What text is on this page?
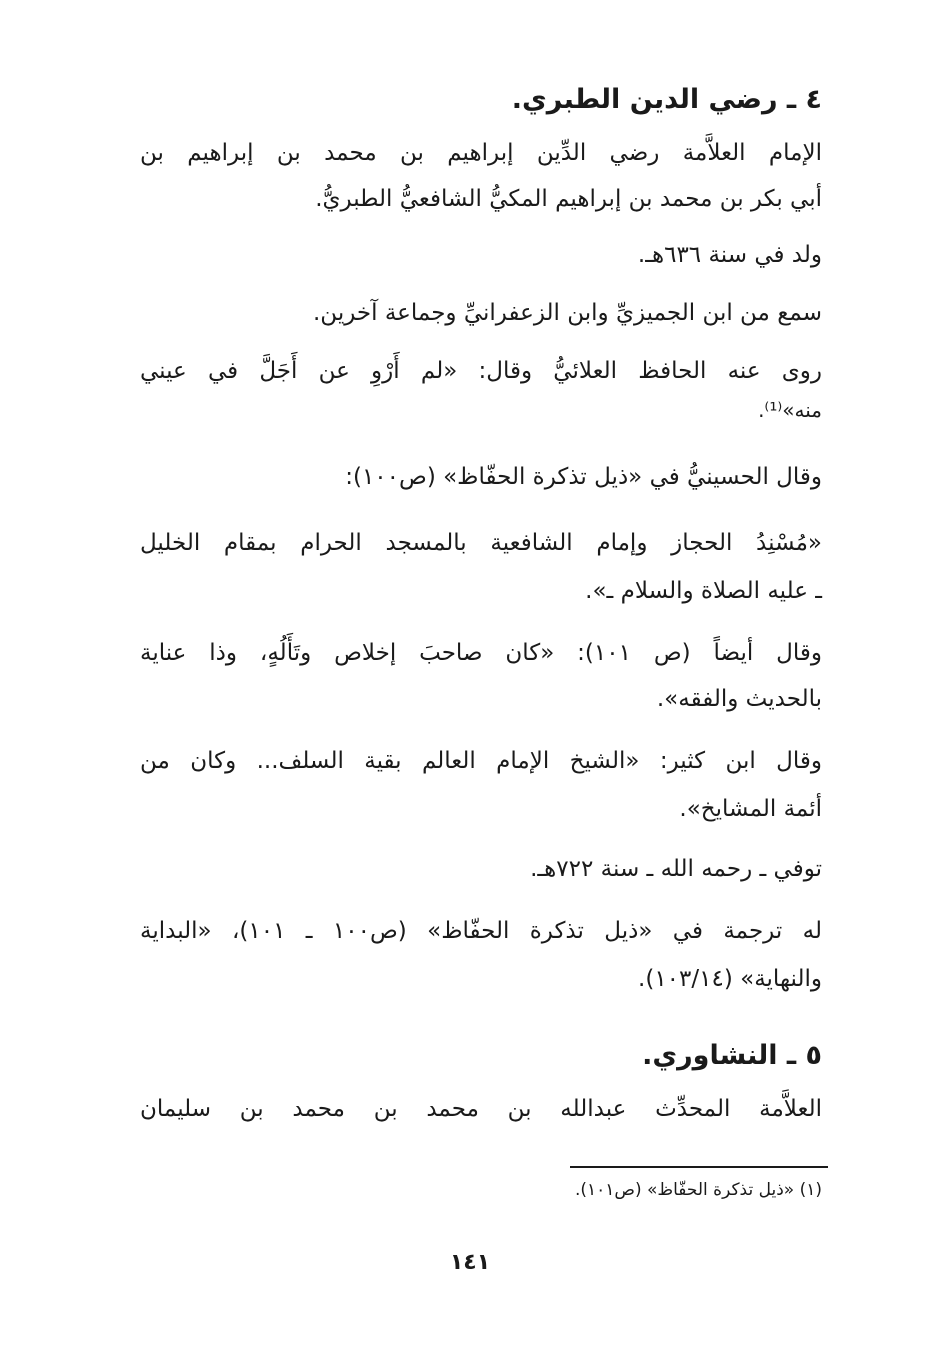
٤ ـ رضي الدين الطبري.
الإمام العلاَّمة رضي الدِّين إبراهيم بن محمد بن إبراهيم بن
أبي بكر بن محمد بن إبراهيم المكيُّ الشافعيُّ الطبريُّ.
ولد في سنة ٦٣٦هـ.
سمع من ابن الجميزيِّ وابن الزعفرانيِّ وجماعة آخرين.
روى عنه الحافظ العلائيُّ وقال: «لم أَرْوِ عن أَجَلَّ في عيني
منه»⁽¹⁾.
وقال الحسينيُّ في «ذيل تذكرة الحفّاظ» (ص١٠٠):
«مُسْنِدُ الحجاز وإمام الشافعية بالمسجد الحرام بمقام الخليل
ـ عليه الصلاة والسلام ـ».
وقال أيضاً (ص ١٠١): «كان صاحبَ إخلاص وتَأَلُهٍ، وذا عناية
بالحديث والفقه».
وقال ابن كثير: «الشيخ الإمام العالم بقية السلف... وكان من
أئمة المشايخ».
توفي ـ رحمه الله ـ سنة ٧٢٢هـ.
له ترجمة في «ذيل تذكرة الحفّاظ» (ص١٠٠ ـ ١٠١)، «البداية
والنهاية» (١٠٣/١٤).
٥ ـ النشاوري.
العلاَّمة المحدِّث عبدالله بن محمد بن محمد بن سليمان
(١) «ذيل تذكرة الحفّاظ» (ص١٠١).
١٤١
